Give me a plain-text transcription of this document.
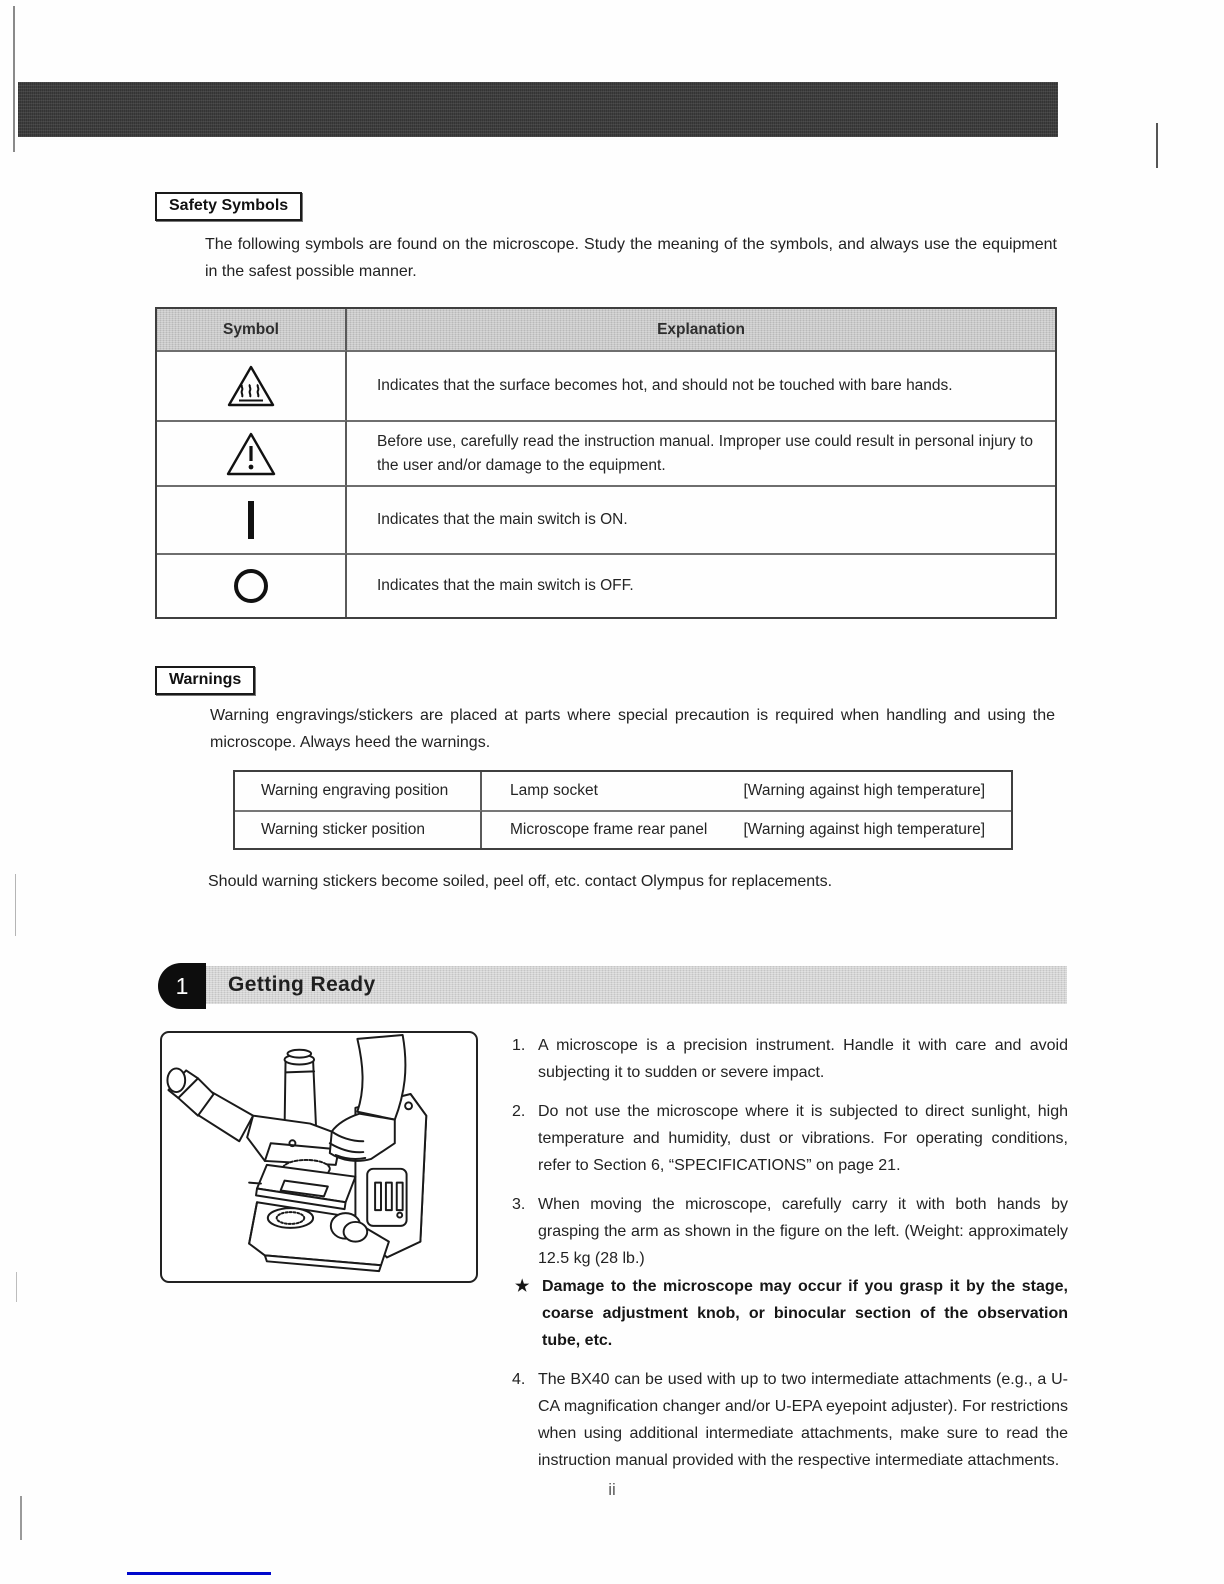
Safety Symbols
The following symbols are found on the microscope. Study the meaning of the symbols, and always use the equipment in the safest possible manner.
Symbol	Explanation
Indicates that the surface becomes hot, and should not be touched with bare hands.
Before use, carefully read the instruction manual. Improper use could result in personal injury to the user and/or damage to the equipment.
Indicates that the main switch is ON.
Indicates that the main switch is OFF.
Warnings
Warning engravings/stickers are placed at parts where special precaution is required when handling and using the microscope. Always heed the warnings.
Warning engraving position	Lamp socket	[Warning against high temperature]
Warning sticker position	Microscope frame rear panel [Warning against high temperature]
Should warning stickers become soiled, peel off, etc. contact Olympus for replacements.
1	Getting Ready
1. A microscope is a precision instrument. Handle it with care and avoid subjecting it to sudden or severe impact.
2. Do not use the microscope where it is subjected to direct sunlight, high temperature and humidity, dust or vibrations. For operating conditions, refer to Section 6, “SPECIFICATIONS” on page 21.
3. When moving the microscope, carefully carry it with both hands by grasping the arm as shown in the figure on the left. (Weight: approximately 12.5 kg (28 lb.)
★ Damage to the microscope may occur if you grasp it by the stage, coarse adjustment knob, or binocular section of the observation tube, etc.
4. The BX40 can be used with up to two intermediate attachments (e.g., a U-CA magnification changer and/or U-EPA eyepoint adjuster). For restrictions when using additional intermediate attachments, make sure to read the instruction manual provided with the respective intermediate attachments.
ii
